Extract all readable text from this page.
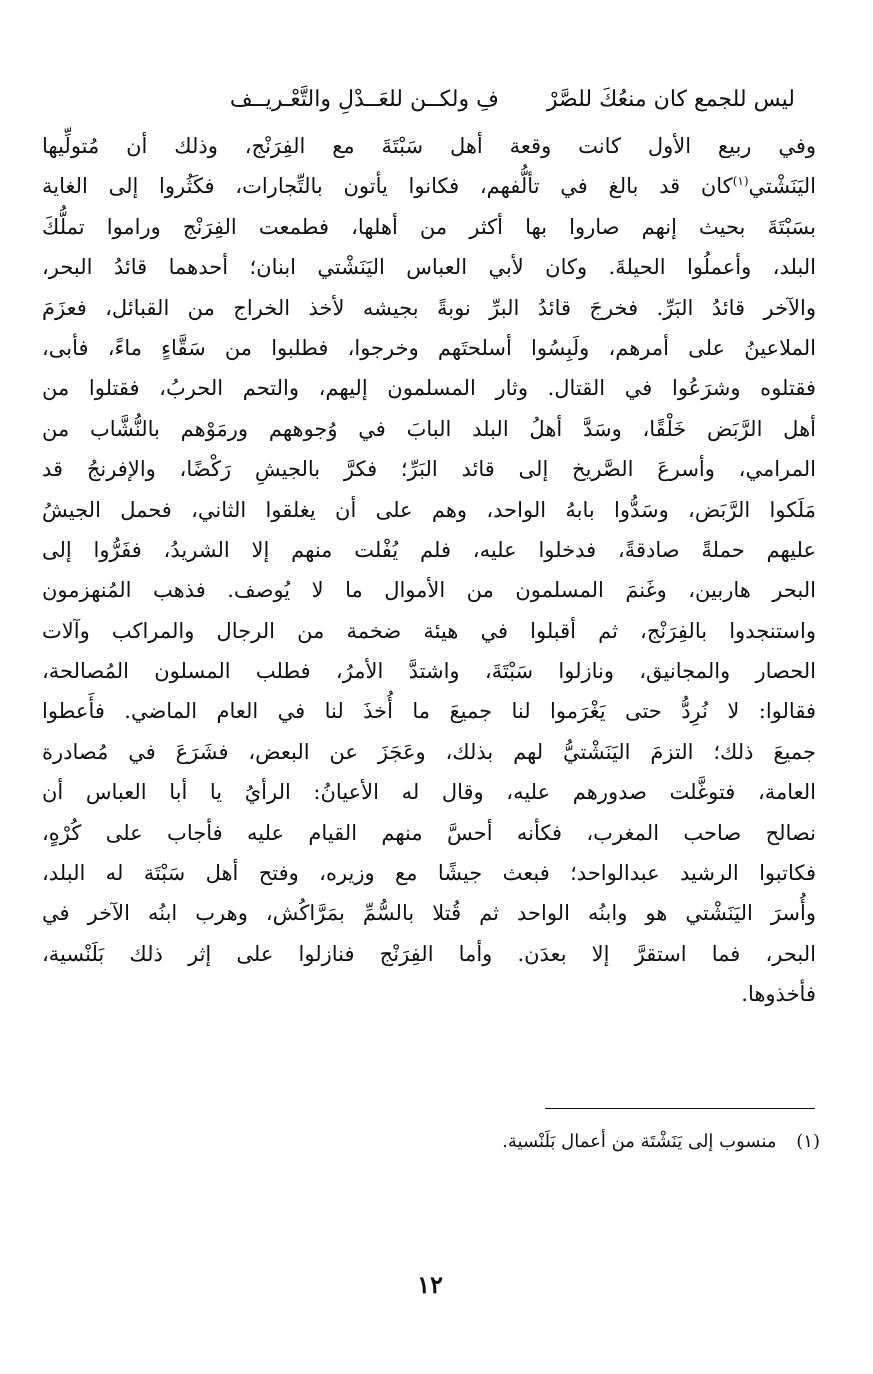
ليس للجمع كان منعُكَ للصَّرْ  فِ ولكــن للعَــدْلِ والتَّعْـريــف
وفي ربيع الأول كانت وقعة أهل سَبْتَةَ مع الفِرَنْج، وذلك أن مُتولِّيها
اليَنَشْتي$^{(١)}$كان قد بالغ في تألُّفهم، فكانوا يأتون بالتِّجارات، فكَثُروا إلى الغاية
بسَبْتَةَ بحيث إنهم صاروا بها أكثر من أهلها، فطمعت الفِرَنْج وراموا تملُّكَ
البلد، وأعملُوا الحيلةَ. وكان لأبي العباس اليَنَشْتي ابنان؛ أحدهما قائدُ البحر،
والآخر قائدُ البَرِّ. فخرجَ قائدُ البرِّ نوبةً بجيشه لأخذ الخراج من القبائل، فعزَمَ
الملاعينُ على أمرهم، ولَبِسُوا أسلحتَهم وخرجوا، فطلبوا من سَقَّاءٍ ماءً، فأبى،
فقتلوه وشرَعُوا في القتال. وثار المسلمون إليهم، والتحم الحربُ، فقتلوا من
أهل الرَّبَض خَلْقًا، وسَدَّ أهلُ البلد البابَ في وُجوههم ورمَوْهم بالنُّشَّاب من
المرامي، وأسرعَ الصَّريخ إلى قائد البَرِّ؛ فكرَّ بالجيشِ رَكْضًا، والإفرنجُ قد
مَلَكوا الرَّبَض، وسَدُّوا بابهُ الواحد، وهم على أن يغلقوا الثاني، فحمل الجيشُ
عليهم حملةً صادقةً، فدخلوا عليه، فلم يُفْلت منهم إلا الشريدُ، ففَرُّوا إلى
البحر هاربين، وغَنمَ المسلمون من الأموال ما لا يُوصف. فذهب المُنهزمون
واستنجدوا بالفِرَنْج، ثم أقبلوا في هيئة ضخمة من الرجال والمراكب وآلات
الحصار والمجانيق، ونازلوا سَبْتَةَ، واشتدَّ الأمرُ، فطلب المسلون المُصالحة،
فقالوا: لا نُرِدُّ حتى يَغْرَموا لنا جميعَ ما أُخذَ لنا في العام الماضي. فأَعطوا
جميعَ ذلك؛ التزمَ اليَنَشْتيُّ لهم بذلك، وعَجَزَ عن البعض، فشَرَعَ في مُصادرة
العامة، فتوغَّلت صدورهم عليه، وقال له الأعيانُ: الرأيُ يا أبا العباس أن
نصالح صاحب المغرب، فكأنه أحسَّ منهم القيام عليه فأجاب على كُرْهٍ،
فكاتبوا الرشيد عبدالواحد؛ فبعث جيشًا مع وزيره، وفتح أهل سَبْتَة له البلد،
وأُسرَ اليَنَشْتي هو وابنُه الواحد ثم قُتلا بالسُّمِّ بمَرَّاكُش، وهرب ابنُه الآخر في
البحر، فما استقرَّ إلا بعدَن. وأما الفِرَنْج فنازلوا على إثر ذلك بَلَنْسية،
فأخذوها.
(١) منسوب إلى يَنَشْتَة من أعمال بَلَنْسية.
١٢
